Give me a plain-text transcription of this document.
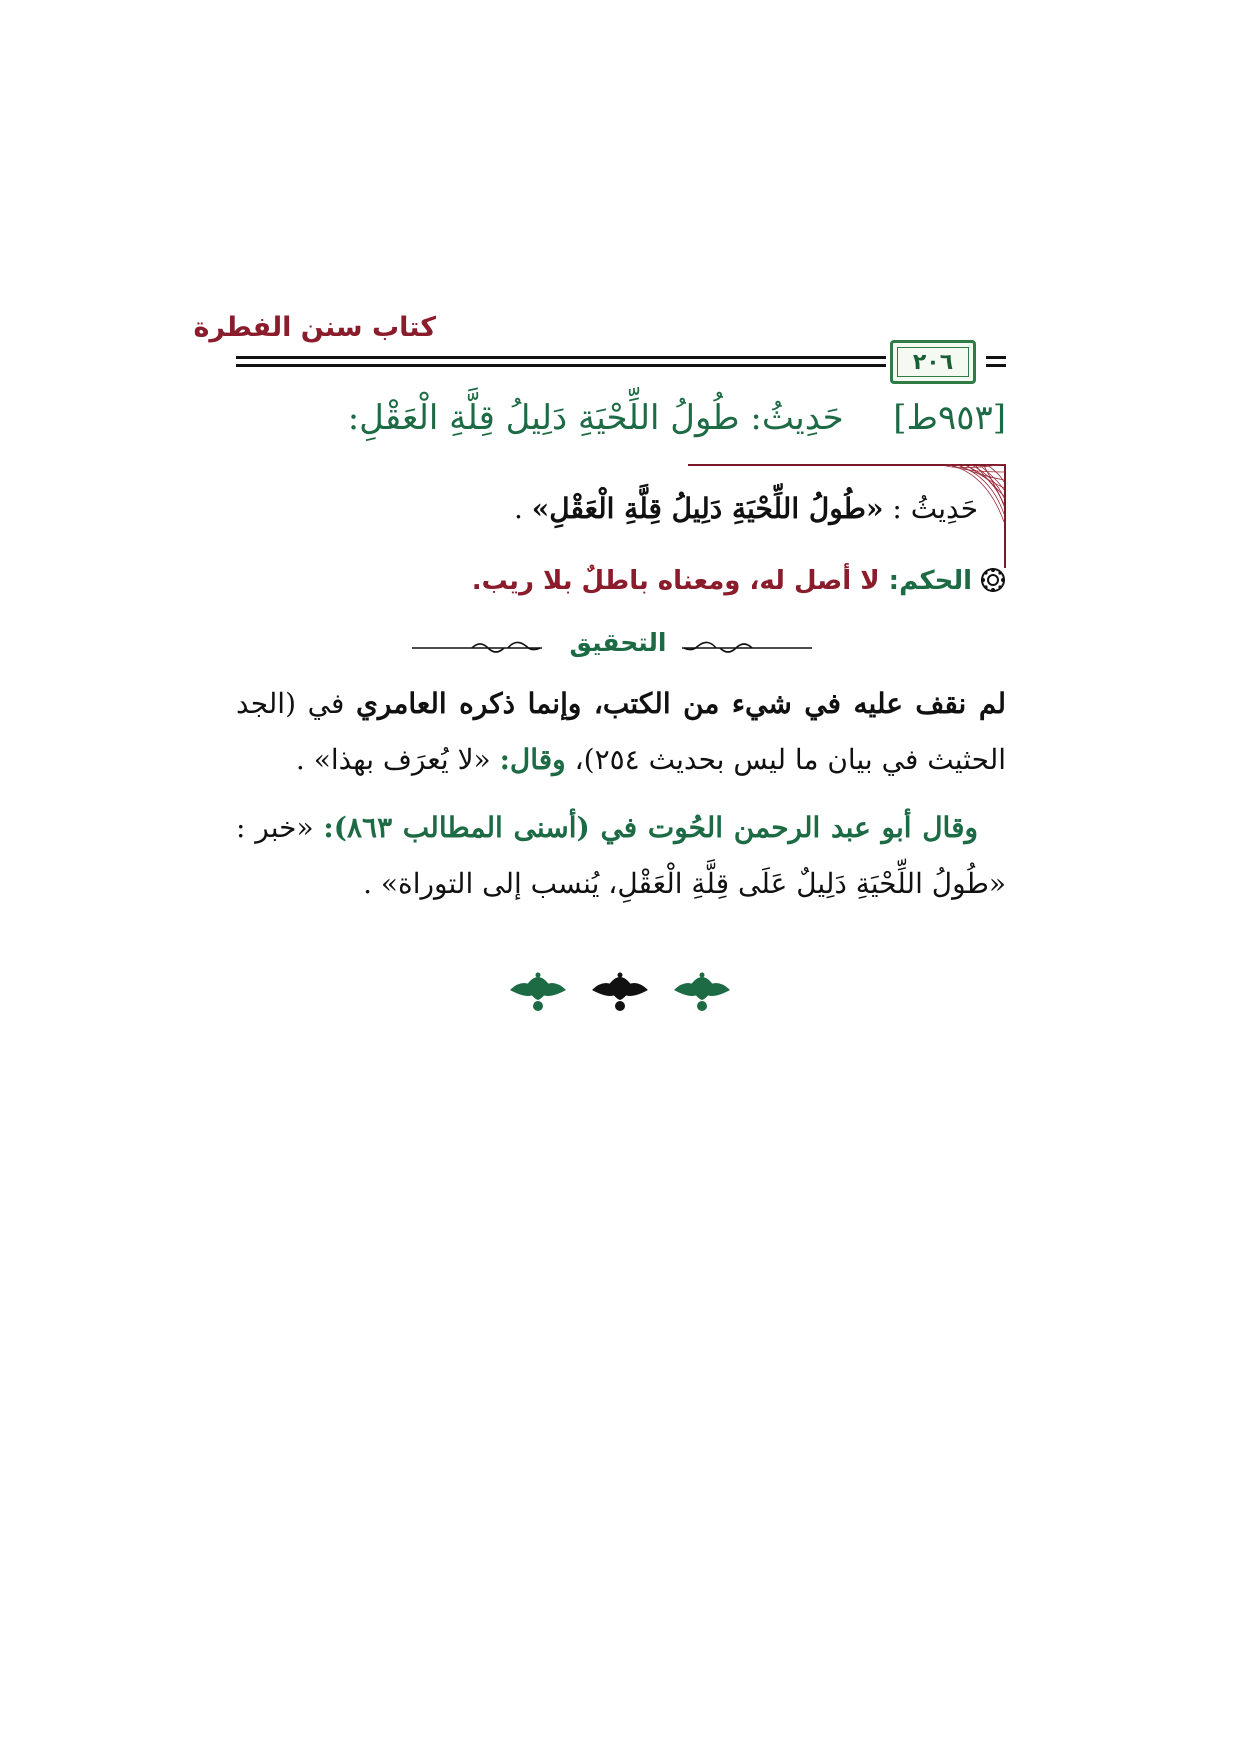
كتاب سنن الفطرة
٢٠٦
[٩٥٣ط]  حَدِيثُ: طُولُ اللِّحْيَةِ دَلِيلُ قِلَّةِ الْعَقْلِ:
حَدِيثُ : «طُولُ اللِّحْيَةِ دَلِيلُ قِلَّةِ الْعَقْلِ» .
الحكم: لا أصل له، ومعناه باطلٌ بلا ريب.
التحقيق
لم نقف عليه في شيء من الكتب، وإنما ذكره العامري في (الجد الحثيث في بيان ما ليس بحديث ٢٥٤)، وقال: «لا يُعرَف بهذا» .
وقال أبو عبد الرحمن الحُوت في (أسنى المطالب ٨٦٣): «خبر : «طُولُ اللِّحْيَةِ دَلِيلٌ عَلَى قِلَّةِ الْعَقْلِ، يُنسب إلى التوراة» .
